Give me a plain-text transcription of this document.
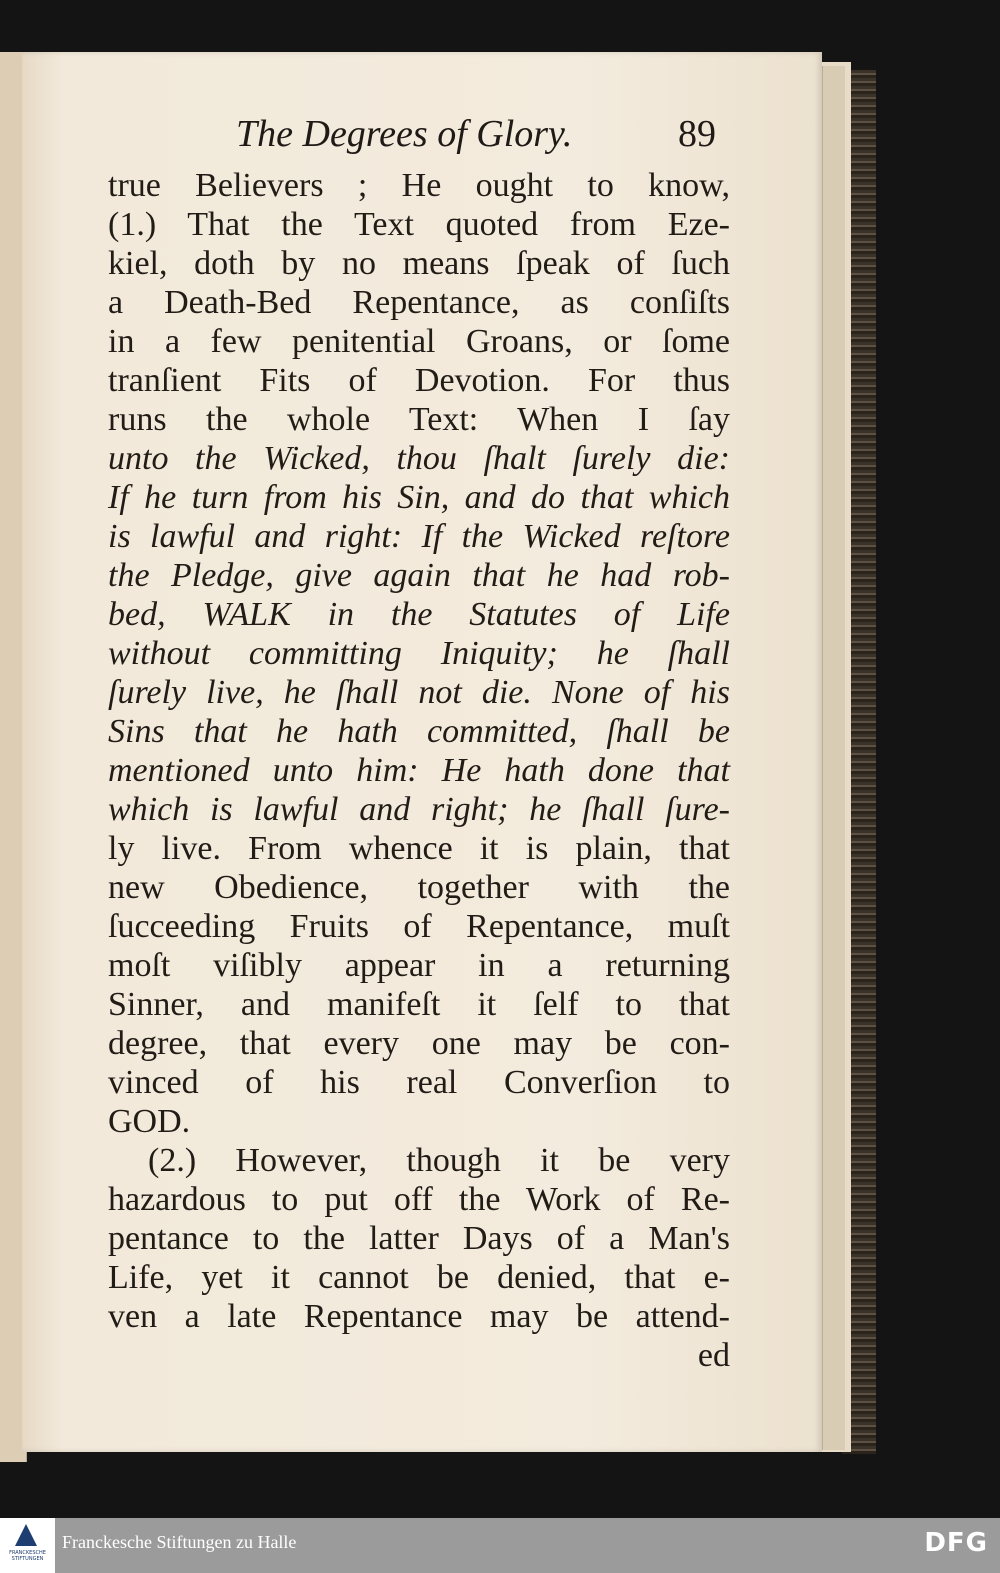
The Degrees of Glory.	89
true Believers ; He ought to know,
(1.) That the Text quoted from Eze-
kiel, doth by no means ſpeak of ſuch
a Death-Bed Repentance, as conſiſts
in a few penitential Groans, or ſome
tranſient Fits of Devotion. For thus
runs the whole Text: When I ſay
unto the Wicked, thou ſhalt ſurely die:
If he turn from his Sin, and do that which
is lawful and right: If the Wicked reſtore
the Pledge, give again that he had rob-
bed, WALK in the Statutes of Life
without committing Iniquity; he ſhall
ſurely live, he ſhall not die. None of his
Sins that he hath committed, ſhall be
mentioned unto him: He hath done that
which is lawful and right; he ſhall ſure-
ly live. From whence it is plain, that
new Obedience, together with the
ſucceeding Fruits of Repentance, muſt
moſt viſibly appear in a returning
Sinner, and manifeſt it ſelf to that
degree, that every one may be con-
vinced of his real Converſion to
GOD.
(2.) However, though it be very
hazardous to put off the Work of Re-
pentance to the latter Days of a Man's
Life, yet it cannot be denied, that e-
ven a late Repentance may be attend-
ed
FRANCKESCHE STIFTUNGEN
Franckesche Stiftungen zu Halle	DFG
